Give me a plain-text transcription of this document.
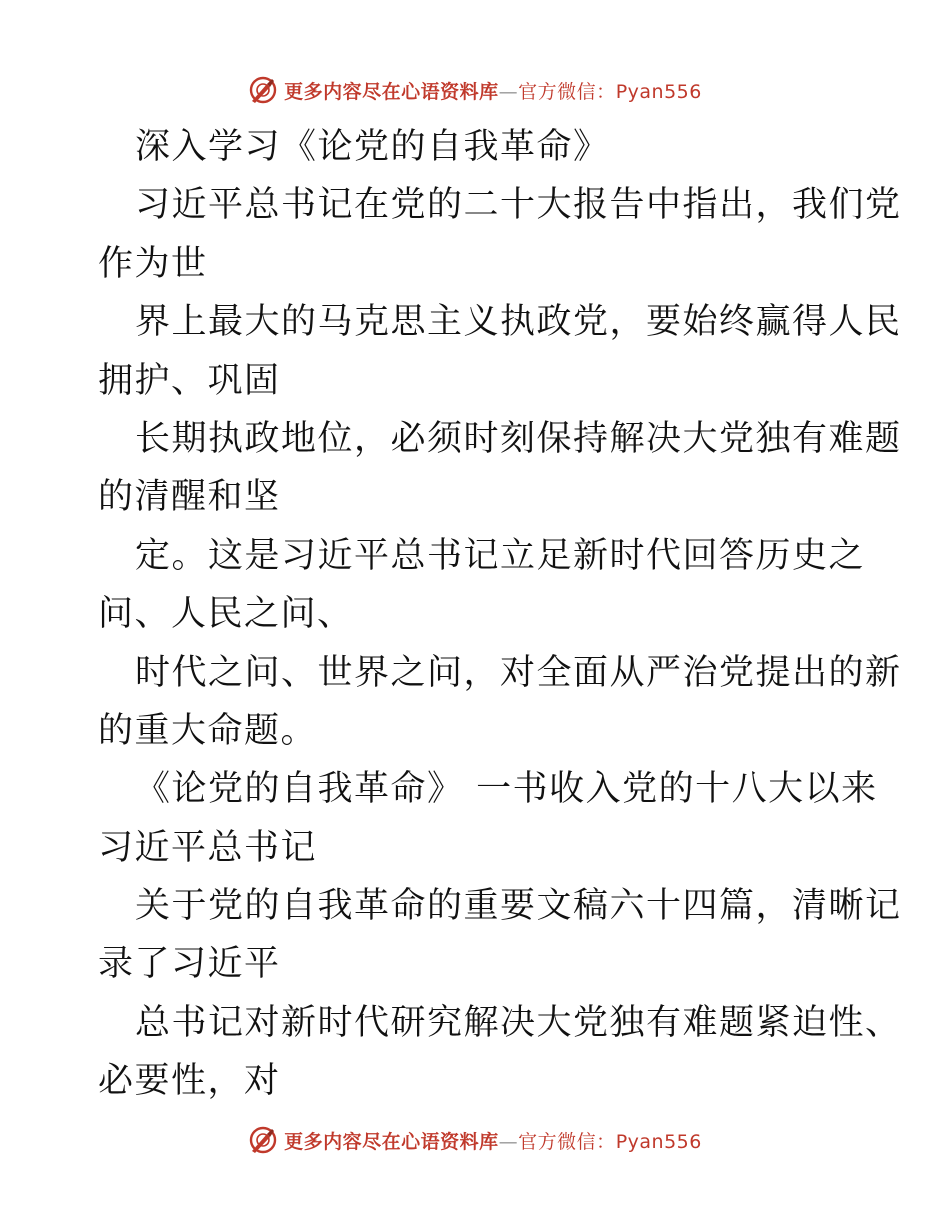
更多内容尽在心语资料库—官方微信：Pyan556
深入学习《论党的自我革命》
习近平总书记在党的二十大报告中指出，我们党
作为世
界上最大的马克思主义执政党，要始终赢得人民
拥护、巩固
长期执政地位，必须时刻保持解决大党独有难题
的清醒和坚
定。这是习近平总书记立足新时代回答历史之
问、人民之问、
时代之问、世界之问，对全面从严治党提出的新
的重大命题。
《论党的自我革命》 一书收入党的十八大以来
习近平总书记
关于党的自我革命的重要文稿六十四篇，清晰记
录了习近平
总书记对新时代研究解决大党独有难题紧迫性、
必要性，对
更多内容尽在心语资料库—官方微信：Pyan556
